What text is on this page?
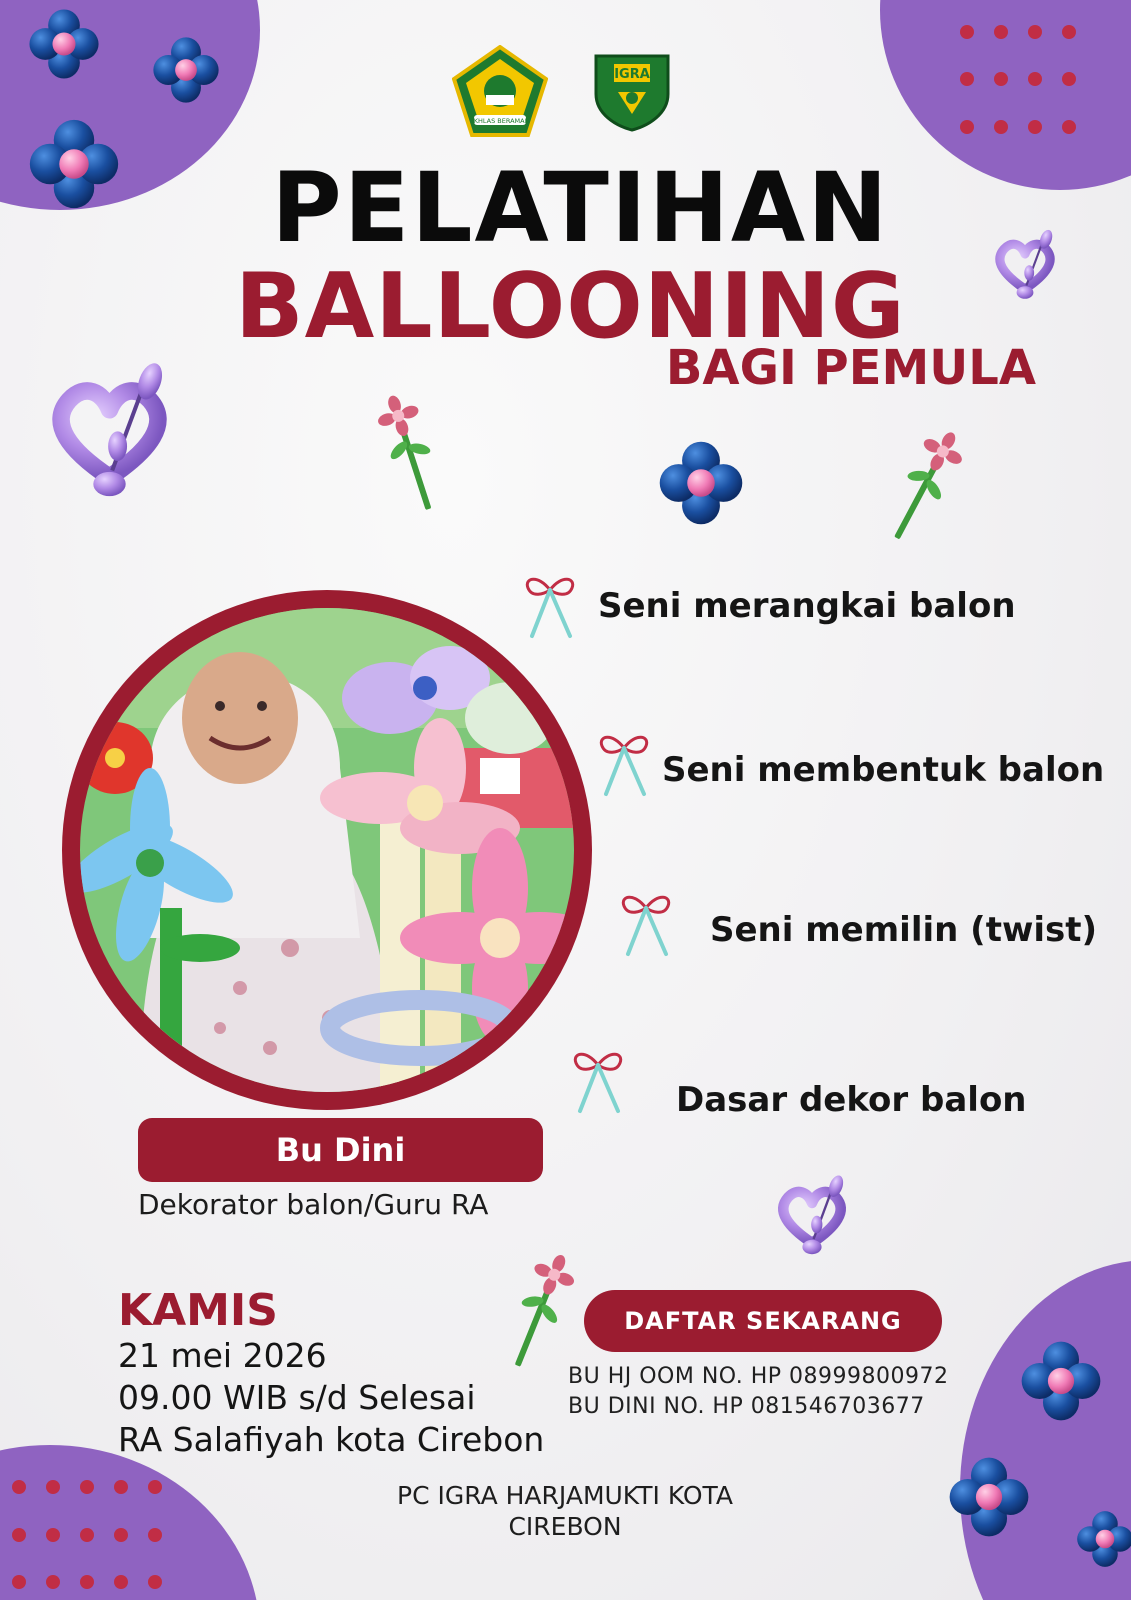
IKHLAS BERAMAL
IGRA
PELATIHAN
BALLOONING
BAGI PEMULA
Seni merangkai balon
Seni membentuk balon
Seni memilin (twist)
Dasar dekor balon
Bu Dini
Dekorator balon/Guru RA
KAMIS
21 mei 2026
09.00 WIB s/d Selesai
RA Salafiyah kota Cirebon
DAFTAR SEKARANG
BU HJ OOM NO. HP 08999800972
BU DINI NO. HP 081546703677
PC IGRA HARJAMUKTI KOTA
CIREBON
